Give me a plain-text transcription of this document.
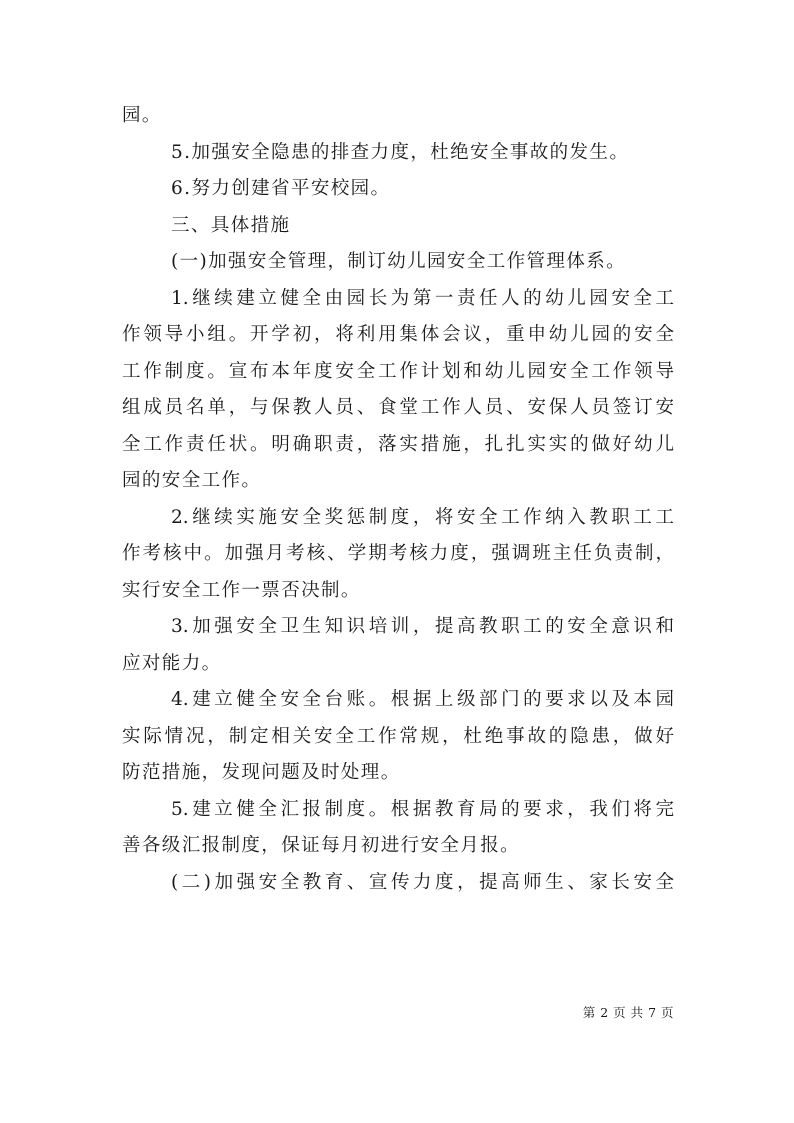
园。
5.加强安全隐患的排查力度，杜绝安全事故的发生。
6.努力创建省平安校园。
三、具体措施
(一)加强安全管理，制订幼儿园安全工作管理体系。
1.继续建立健全由园长为第一责任人的幼儿园安全工
作领导小组。开学初，将利用集体会议，重申幼儿园的安全
工作制度。宣布本年度安全工作计划和幼儿园安全工作领导
组成员名单，与保教人员、食堂工作人员、安保人员签订安
全工作责任状。明确职责，落实措施，扎扎实实的做好幼儿
园的安全工作。
2.继续实施安全奖惩制度，将安全工作纳入教职工工
作考核中。加强月考核、学期考核力度，强调班主任负责制，
实行安全工作一票否决制。
3.加强安全卫生知识培训，提高教职工的安全意识和
应对能力。
4.建立健全安全台账。根据上级部门的要求以及本园
实际情况，制定相关安全工作常规，杜绝事故的隐患，做好
防范措施，发现问题及时处理。
5.建立健全汇报制度。根据教育局的要求，我们将完
善各级汇报制度，保证每月初进行安全月报。
(二)加强安全教育、宣传力度，提高师生、家长安全
第 2 页 共 7 页
